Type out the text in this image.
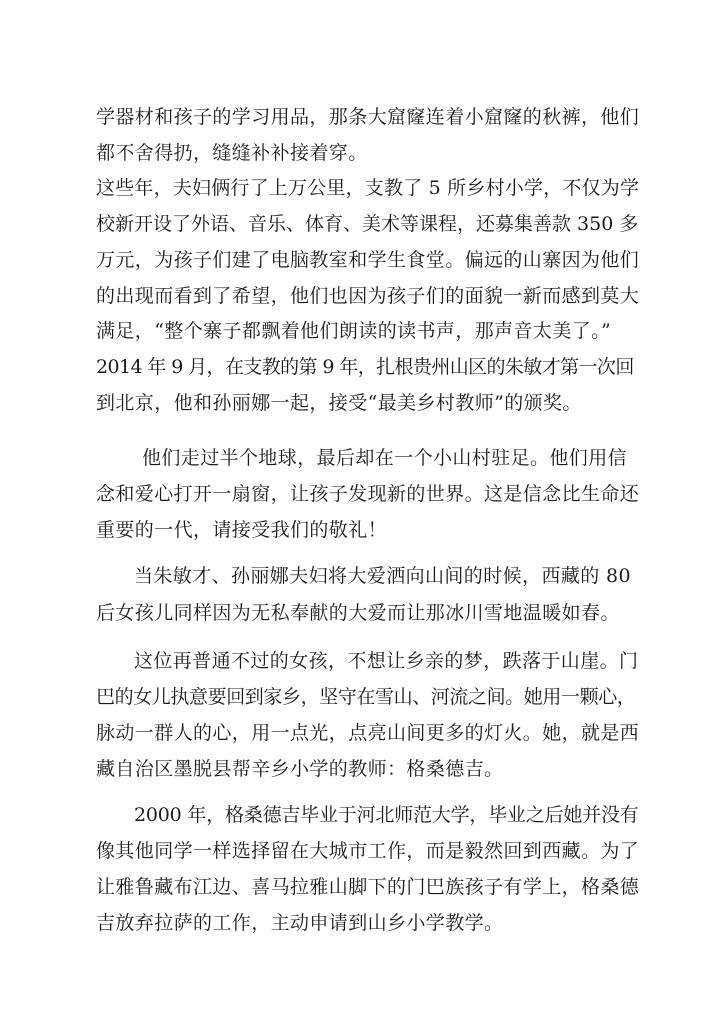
学器材和孩子的学习用品，那条大窟窿连着小窟窿的秋裤，他们
都不舍得扔，缝缝补补接着穿。
这些年，夫妇俩行了上万公里，支教了 5 所乡村小学，不仅为学
校新开设了外语、音乐、体育、美术等课程，还募集善款 350 多
万元，为孩子们建了电脑教室和学生食堂。偏远的山寨因为他们
的出现而看到了希望，他们也因为孩子们的面貌一新而感到莫大
满足，“整个寨子都飘着他们朗读的读书声，那声音太美了。”
2014 年 9 月，在支教的第 9 年，扎根贵州山区的朱敏才第一次回
到北京，他和孙丽娜一起，接受“最美乡村教师”的颁奖。
他们走过半个地球，最后却在一个小山村驻足。他们用信
念和爱心打开一扇窗，让孩子发现新的世界。这是信念比生命还
重要的一代，请接受我们的敬礼！
当朱敏才、孙丽娜夫妇将大爱洒向山间的时候，西藏的 80
后女孩儿同样因为无私奉献的大爱而让那冰川雪地温暖如春。
这位再普通不过的女孩，不想让乡亲的梦，跌落于山崖。门
巴的女儿执意要回到家乡，坚守在雪山、河流之间。她用一颗心，
脉动一群人的心，用一点光，点亮山间更多的灯火。她，就是西
藏自治区墨脱县帮辛乡小学的教师：格桑德吉。
2000 年，格桑德吉毕业于河北师范大学，毕业之后她并没有
像其他同学一样选择留在大城市工作，而是毅然回到西藏。为了
让雅鲁藏布江边、喜马拉雅山脚下的门巴族孩子有学上，格桑德
吉放弃拉萨的工作，主动申请到山乡小学教学。
